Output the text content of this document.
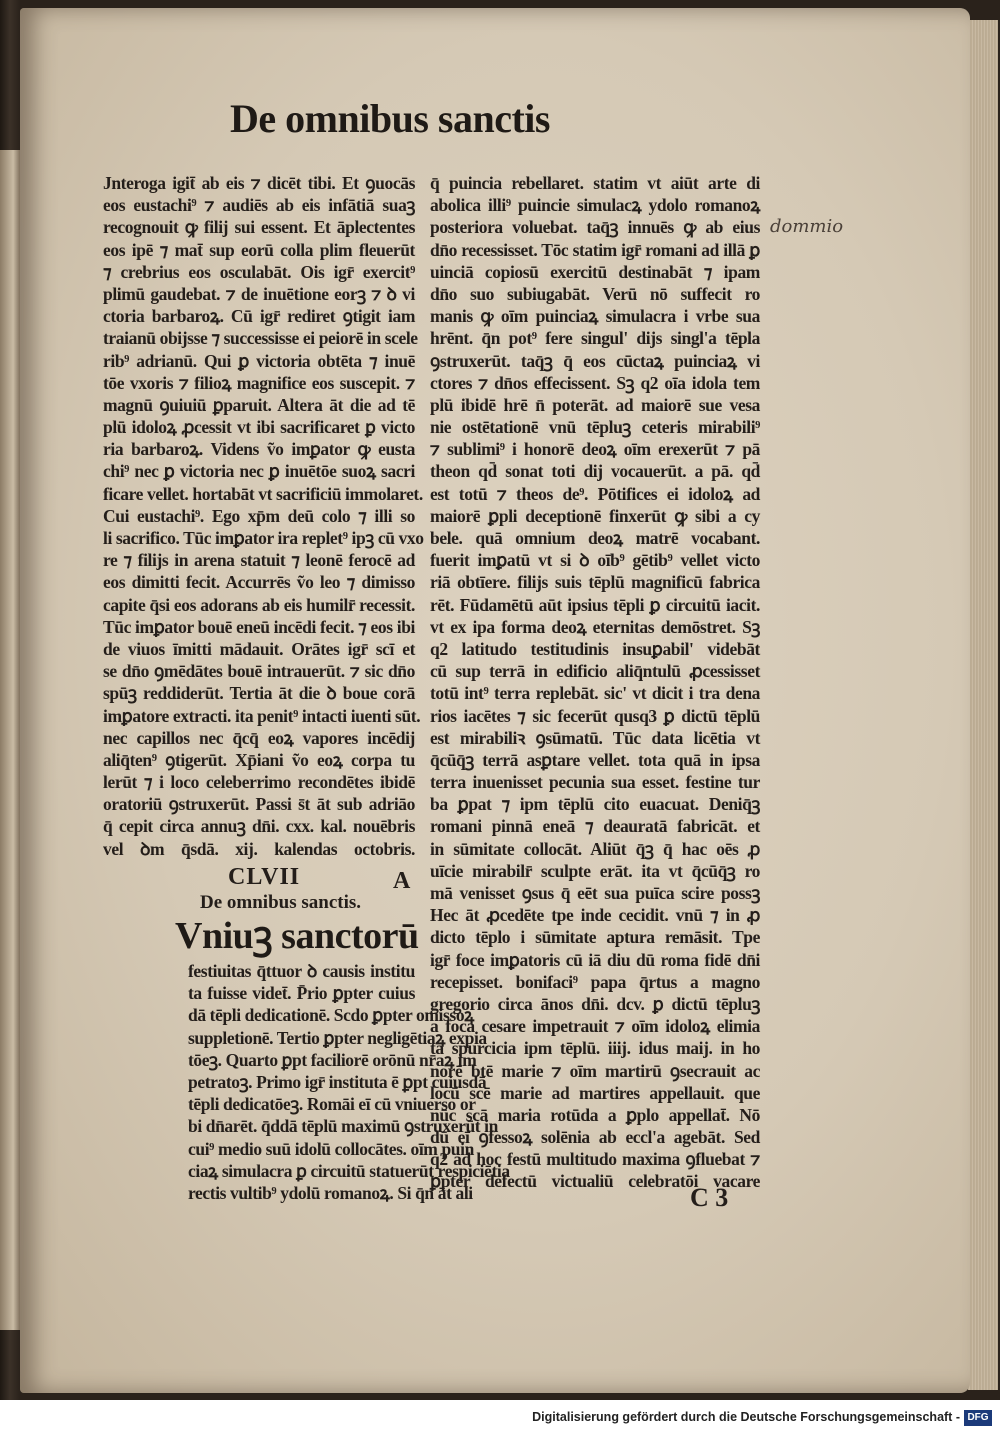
De omnibus sanctis
dommio
Jnteroga igit̄ ab eis ⁊ dicēt tibi. Et ꝯuocās
eos eustachi⁹ ⁊ audiēs ab eis infātiā suaꝫ
recognouit ꝙ filij sui essent. Et āplectentes
eos ipē ⁊ mat̄ sup eorū colla plim fleuerūt
⁊ crebrius eos osculabāt. Ois igr̄ exercit⁹
plimū gaudebat. ⁊ de inuētione eorꝫ ⁊ ꝺ vi
ctoria barbaroꝝ. Cū igr̄ rediret ꝯtigit iam
traianū obijsse ⁊ successisse ei peiorē in scele
rib⁹ adrianū. Qui ꝑ victoria obtēta ⁊ inuē
tōe vxoris ⁊ filioꝝ magnifice eos suscepit. ⁊
magnū ꝯuiuiū ꝑparuit. Altera āt die ad tē
plū idoloꝝ ꝓcessit vt ibi sacrificaret ꝑ victo
ria barbaroꝝ. Videns ṽo imꝑator ꝙ eusta
chi⁹ nec ꝑ victoria nec ꝑ inuētōe suoꝝ sacri
ficare vellet. hortabāt vt sacrificiū immolaret.
Cui eustachi⁹. Ego xp̄m deū colo ⁊ illi so
li sacrifico. Tūc imꝑator ira replet⁹ ipꝫ cū vxo
re ⁊ filijs in arena statuit ⁊ leonē ferocē ad
eos dimitti fecit. Accurrēs ṽo leo ⁊ dimisso
capite q̄si eos adorans ab eis humilr̄ recessit.
Tūc imꝑator bouē eneū incēdi fecit. ⁊ eos ibi
de viuos īmitti mādauit. Orātes igr̄ scī et
se dn̄o ꝯmēdātes bouē intrauerūt. ⁊ sic dn̄o
spūꝫ reddiderūt. Tertia āt die ꝺ boue corā
imꝑatore extracti. ita penit⁹ intacti iuenti sūt.
nec capillos nec q̄cq̄ eoꝝ vapores incēdij
aliq̄ten⁹ ꝯtigerūt. Xp̄iani ṽo eoꝝ corpa tu
lerūt ⁊ i loco celeberrimo recondētes ibidē
oratoriū ꝯstruxerūt. Passi s̄t āt sub adriāo
q̄ cepit circa annuꝫ dn̄i. cxx. kal. nouēbris
vel ꝺm q̄sdā. xij. kalendas octobris.
CLVII	A
De omnibus sanctis.
Vniuꝫ sanctorū
festiuitas q̄ttuor ꝺ causis institu
ta fuisse videt̄. P̄rio ꝑpter cuius
dā tēpli dedicationē. Scdo ꝑpter omissoꝝ
suppletionē. Tertio ꝑpter negligētiaꝝ expia
tōeꝫ. Quarto ꝑpt faciliorē orōnū nr̄aꝝ im
petratoꝫ. Primo igr̄ instituta ē ꝑpt cuiusdā
tēpli dedicatōeꝫ. Romāi eī cū vniuerso or
bi dn̄arēt. q̄ddā tēplū maximū ꝯstruxerūt in
cui⁹ medio suū idolū collocātes. oīm puin
ciaꝝ simulacra ꝑ circuitū statuerūt respiciētia
rectis vultib⁹ ydolū romanoꝝ. Si q̄n āt ali
q̄ puincia rebellaret. statim vt aiūt arte di
abolica illi⁹ puincie simulacꝝ ydolo romanoꝝ
posteriora voluebat. taq̄ꝫ innuēs ꝙ ab eius
dn̄o recessisset. Tōc statim igr̄ romani ad illā ꝑ
uinciā copiosū exercitū destinabāt ⁊ ipam
dn̄o suo subiugabāt. Verū nō suffecit ro
manis ꝙ oīm puinciaꝝ simulacra i vrbe sua
hrēnt. q̄n pot⁹ fere singul' dijs singl'a tēpla
ꝯstruxerūt. taq̄ꝫ q̄ eos cūctaꝝ puinciaꝝ vi
ctores ⁊ dn̄os effecissent. Sꝫ q2 oīa idola tem
plū ibidē hrē n̄ poterāt. ad maiorē sue vesa
nie ostētationē vnū tēpluꝫ ceteris mirabili⁹
⁊ sublimi⁹ i honorē deoꝝ oīm erexerūt ⁊ pā
theon qd̄ sonat toti dij vocauerūt. a pā. qd̄
est totū ⁊ theos de⁹. Pōtifices ei idoloꝝ ad
maiorē ꝑpli deceptionē finxerūt ꝙ sibi a cy
bele. quā omnium deoꝝ matrē vocabant.
fuerit imꝑatū vt si ꝺ oīb⁹ gētib⁹ vellet victo
riā obtīere. filijs suis tēplū magnificū fabrica
rēt. Fūdamētū aūt ipsius tēpli ꝑ circuitū iacit.
vt ex ipa forma deoꝝ eternitas demōstret. Sꝫ
q2 latitudo testitudinis insuꝑabil' videbāt
cū sup terrā in edificio aliq̄ntulū ꝓcessisset
totū int⁹ terra replebāt. sic' vt dicit i tra dena
rios iacētes ⁊ sic fecerūt qusq3 ꝑ dictū tēplū
est mirabiliꝛ ꝯsūmatū. Tūc data licētia vt
q̄cūq̄ꝫ terrā asꝑtare vellet. tota quā in ipsa
terra inuenisset pecunia sua esset. festine tur
ba ꝑpat ⁊ ipm tēplū cito euacuat. Deniq̄ꝫ
romani pinnā eneā ⁊ deauratā fabricāt. et
in sūmitate collocāt. Aliūt q̄ꝫ q̄ hac oēs ꝓ
uīcie mirabilr̄ sculpte erāt. ita vt q̄cūq̄ꝫ ro
mā venisset ꝯsus q̄ eēt sua puīca scire possꝫ
Hec āt ꝓcedēte tpe inde cecidit. vnū ⁊ in ꝓ
dicto tēplo i sūmitate aptura remāsit. Tpe
igr̄ foce imꝑatoris cū iā diu dū roma fidē dn̄i
recepisset. bonifaci⁹ papa q̄rtus a magno
gregorio circa ānos dn̄i. dcv. ꝑ dictū tēpluꝫ
a foca cesare impetrauit ⁊ oīm idoloꝝ elimia
ta spurcicia ipm tēplū. iiij. idus maij. in ho
norē btē marie ⁊ oīm martirū ꝯsecrauit ac
locū scē marie ad martires appellauit. que
nūc scā maria rotūda a ꝑplo appellat̄. Nō
dū eī ꝯfessoꝝ solēnia ab eccl'a agebāt. Sed
q2 ad hoc festū multitudo maxima ꝯfluebat ⁊
ꝑpter defectū victualiū celebratōi vacare
C 3
Digitalisierung gefördert durch die Deutsche Forschungsgemeinschaft - DFG
